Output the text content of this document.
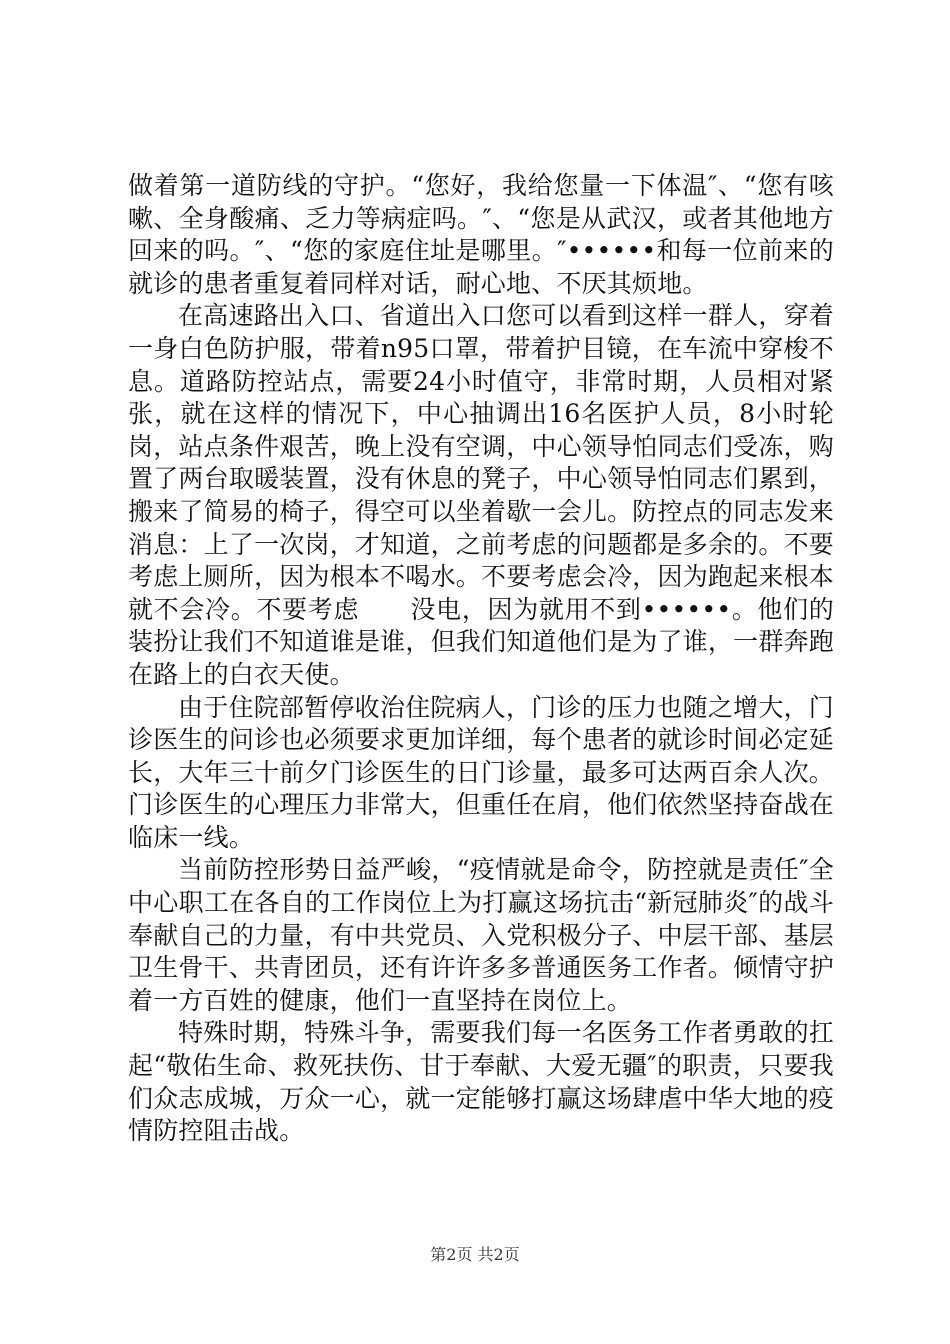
做着第一道防线的守护。“您好，我给您量一下体温″、“您有咳嗽、全身酸痛、乏力等病症吗。″、“您是从武汉，或者其他地方回来的吗。″、“您的家庭住址是哪里。″••••••和每一位前来的就诊的患者重复着同样对话，耐心地、不厌其烦地。

在高速路出入口、省道出入口您可以看到这样一群人，穿着一身白色防护服，带着n95口罩，带着护目镜，在车流中穿梭不息。道路防控站点，需要24小时值守，非常时期，人员相对紧张，就在这样的情况下，中心抽调出16名医护人员，8小时轮岗，站点条件艰苦，晚上没有空调，中心领导怕同志们受冻，购置了两台取暖装置，没有休息的凳子，中心领导怕同志们累到，搬来了简易的椅子，得空可以坐着歇一会儿。防控点的同志发来消息：上了一次岗，才知道，之前考虑的问题都是多余的。不要考虑上厕所，因为根本不喝水。不要考虑会冷，因为跑起来根本就不会冷。不要考虑　　没电，因为就用不到••••••。他们的装扮让我们不知道谁是谁，但我们知道他们是为了谁，一群奔跑在路上的白衣天使。

由于住院部暂停收治住院病人，门诊的压力也随之增大，门诊医生的问诊也必须要求更加详细，每个患者的就诊时间必定延长，大年三十前夕门诊医生的日门诊量，最多可达两百余人次。门诊医生的心理压力非常大，但重任在肩，他们依然坚持奋战在临床一线。

当前防控形势日益严峻，“疫情就是命令，防控就是责任″全中心职工在各自的工作岗位上为打赢这场抗击“新冠肺炎″的战斗奉献自己的力量，有中共党员、入党积极分子、中层干部、基层卫生骨干、共青团员，还有许许多多普通医务工作者。倾情守护着一方百姓的健康，他们一直坚持在岗位上。

特殊时期，特殊斗争，需要我们每一名医务工作者勇敢的扛起“敬佑生命、救死扶伤、甘于奉献、大爱无疆″的职责，只要我们众志成城，万众一心，就一定能够打赢这场肆虐中华大地的疫情防控阻击战。

第2页 共2页
